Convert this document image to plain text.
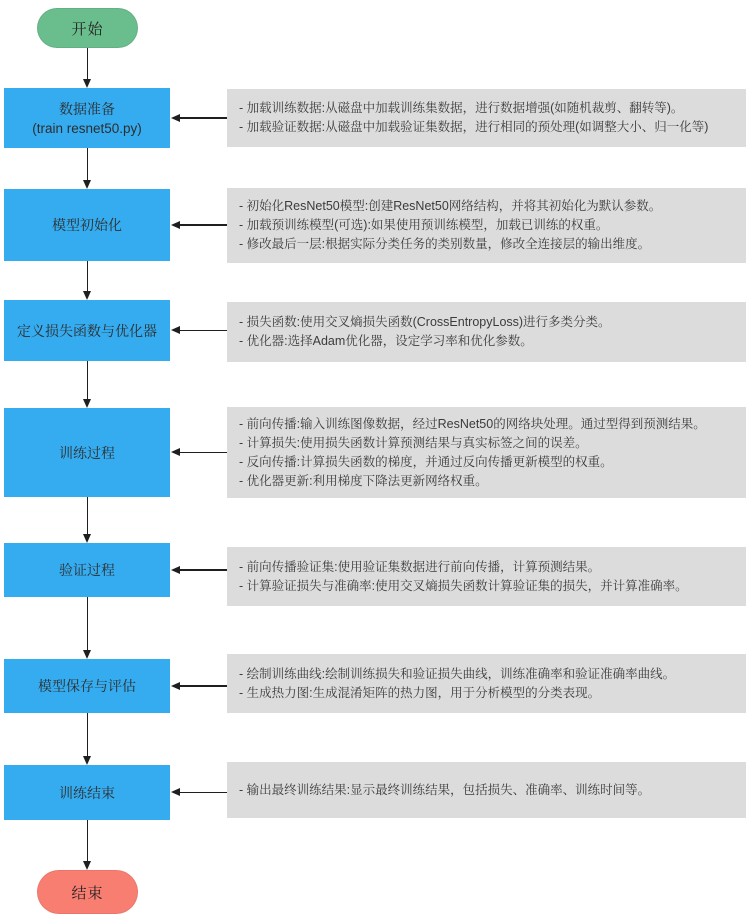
开始
数据准备
(train resnet50.py)
- 加载训练数据:从磁盘中加载训练集数据，进行数据增强(如随机裁剪、翻转等)。
- 加载验证数据:从磁盘中加载验证集数据，进行相同的预处理(如调整大小、归一化等)
模型初始化
- 初始化ResNet50模型:创建ResNet50网络结构，并将其初始化为默认参数。
- 加载预训练模型(可选):如果使用预训练模型，加载已训练的权重。
- 修改最后一层:根据实际分类任务的类别数量，修改全连接层的输出维度。
定义损失函数与优化器
- 损失函数:使用交叉熵损失函数(CrossEntropyLoss)进行多类分类。
- 优化器:选择Adam优化器，设定学习率和优化参数。
训练过程
- 前向传播:输入训练图像数据，经过ResNet50的网络块处理。通过型得到预测结果。
- 计算损失:使用损失函数计算预测结果与真实标签之间的误差。
- 反向传播:计算损失函数的梯度，并通过反向传播更新模型的权重。
- 优化器更新:利用梯度下降法更新网络权重。
验证过程	- 前向传播验证集:使用验证集数据进行前向传播，计算预测结果。
- 计算验证损失与准确率:使用交叉熵损失函数计算验证集的损失，并计算准确率。
模型保存与评估
- 绘制训练曲线:绘制训练损失和验证损失曲线，训练准确率和验证准确率曲线。
- 生成热力图:生成混淆矩阵的热力图，用于分析模型的分类表现。
训练结束	- 输出最终训练结果:显示最终训练结果，包括损失、准确率、训练时间等。
结束
